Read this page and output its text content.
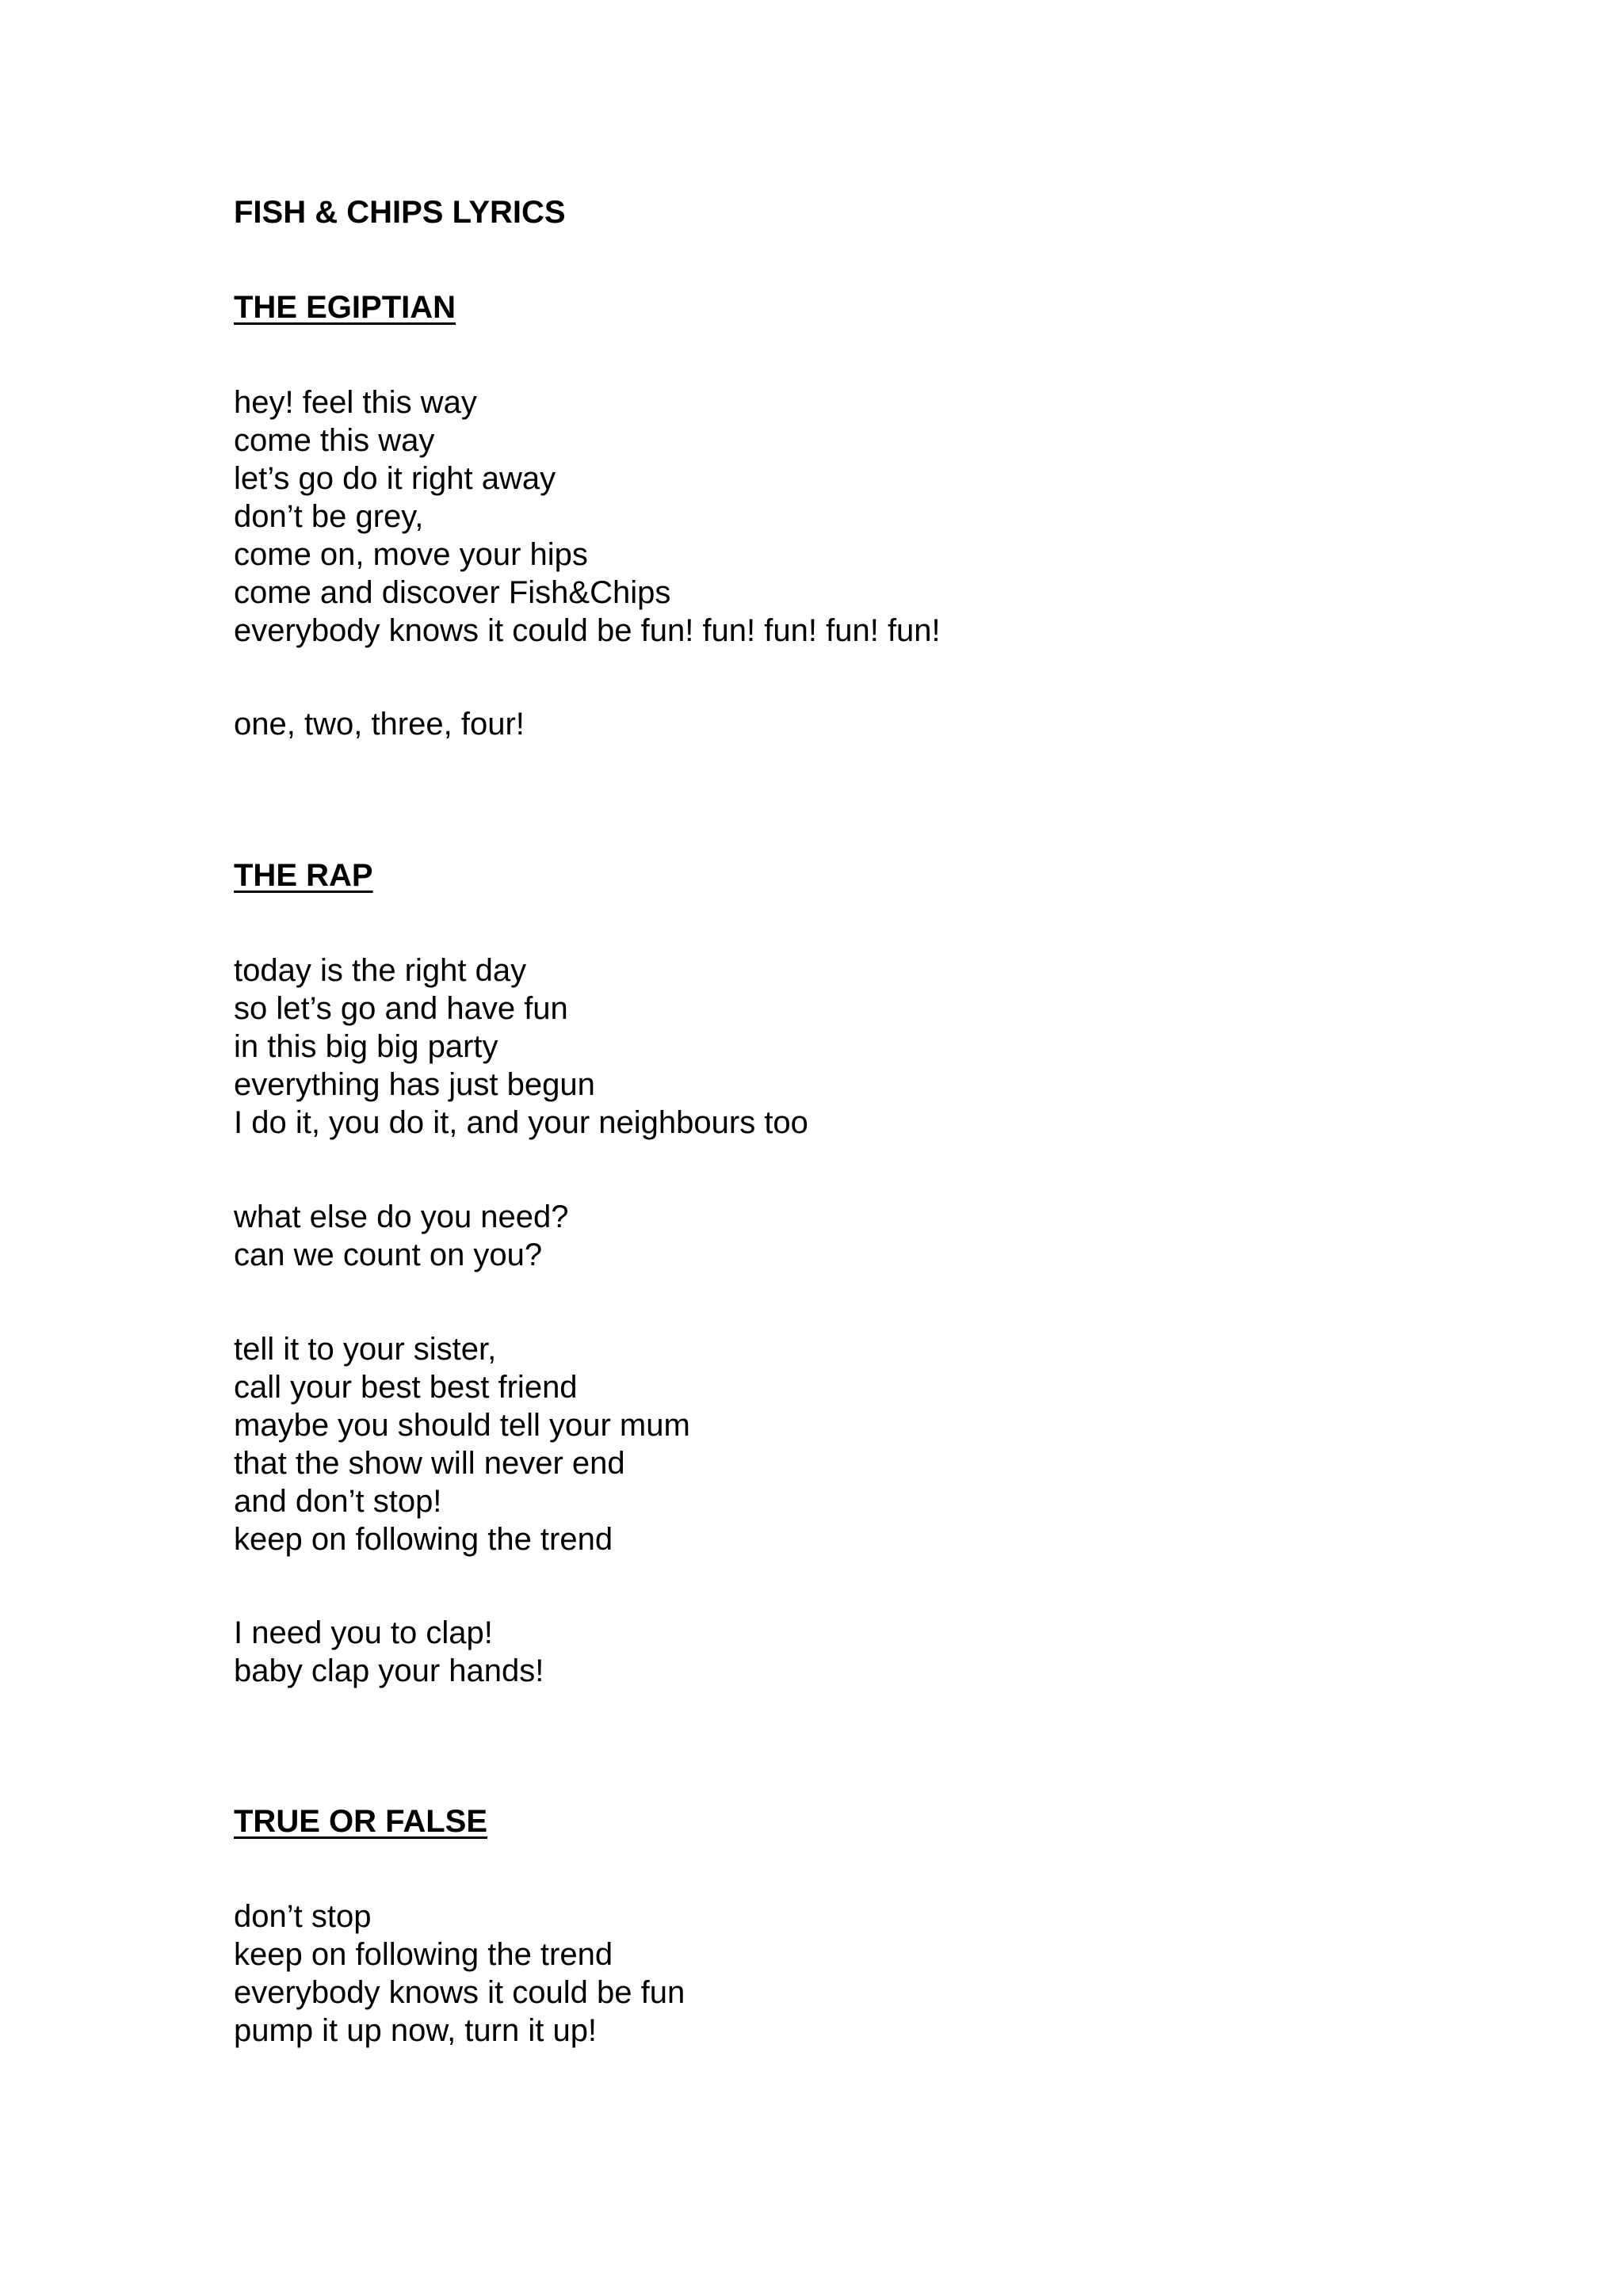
FISH & CHIPS LYRICS
THE EGIPTIAN
hey! feel this way
come this way
let’s go do it right away
don’t be grey,
come on, move your hips
come and discover Fish&Chips
everybody knows it could be fun! fun! fun! fun! fun!
one, two, three, four!
THE RAP
today is the right day
so let’s go and have fun
in this big big party
everything has just begun
I do it, you do it, and your neighbours too
what else do you need?
can we count on you?
tell it to your sister,
call your best best friend
maybe you should tell your mum
that the show will never end
and don’t stop!
keep on following the trend
I need you to clap!
baby clap your hands!
TRUE OR FALSE
don’t stop
keep on following the trend
everybody knows it could be fun
pump it up now, turn it up!
